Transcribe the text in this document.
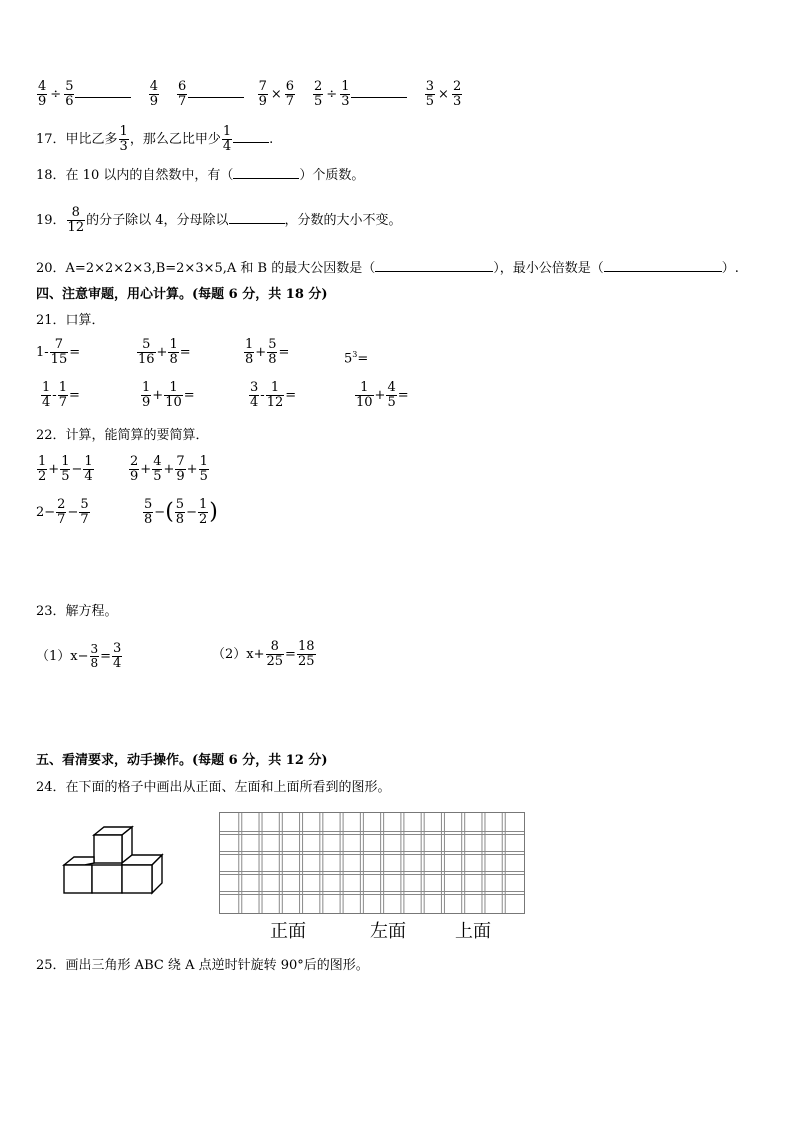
$\frac{4}{9} \div \frac{5}{6}$
	$\frac{4}{9} \frac{6}{7}$
	$\frac{7}{9} \times \frac{6}{7} \frac{2}{5} \div \frac{1}{3}$
	$\frac{3}{5} \times \frac{2}{3}$
17．甲比乙多 $\frac{1}{3}$ ，那么乙比甲少 $\frac{1}{4}$	.
18．在 10 以内的自然数中，有（	）个质数。
19． $\frac{8}{12}$ 的分子除以 4，分母除以	，分数的大小不变。
20．A=2×2×2×3,B=2×3×5,A 和 B 的最大公因数是（	），最小公倍数是（	）.
四、注意审题，用心计算。(每题 6 分，共 18 分)
21．口算．
$1- \frac{7}{15}$ =	$\frac{5}{16} + \frac{1}{8}$ =	$\frac{1}{8} + \frac{5}{8}$ =	$5^3=$
$\frac{1}{4} - \frac{1}{7}$ =	$\frac{1}{9} + \frac{1}{10}$ =	$\frac{3}{4} - \frac{1}{12}$ =	$\frac{1}{10} + \frac{4}{5}$ =
22．计算，能简算的要简算．
$\frac{1}{2} + \frac{1}{5} - \frac{1}{4}$	$\frac{2}{9} + \frac{4}{5} + \frac{7}{9} + \frac{1}{5}$
$2- \frac{2}{7} - \frac{5}{7}$	$\frac{5}{8}$ −( $\frac{5}{8} - \frac{1}{2}$ )
23．解方程。
$(1)x- \frac{3}{8} = \frac{3}{4}$	$(2)x+ \frac{8}{25} = \frac{18}{25}$
五、看清要求，动手操作。(每题 6 分，共 12 分)
24．在下面的格子中画出从正面、左面和上面所看到的图形。
正面	左面	上面
25．画出三角形 ABC 绕 A 点逆时针旋转 90°后的图形。
